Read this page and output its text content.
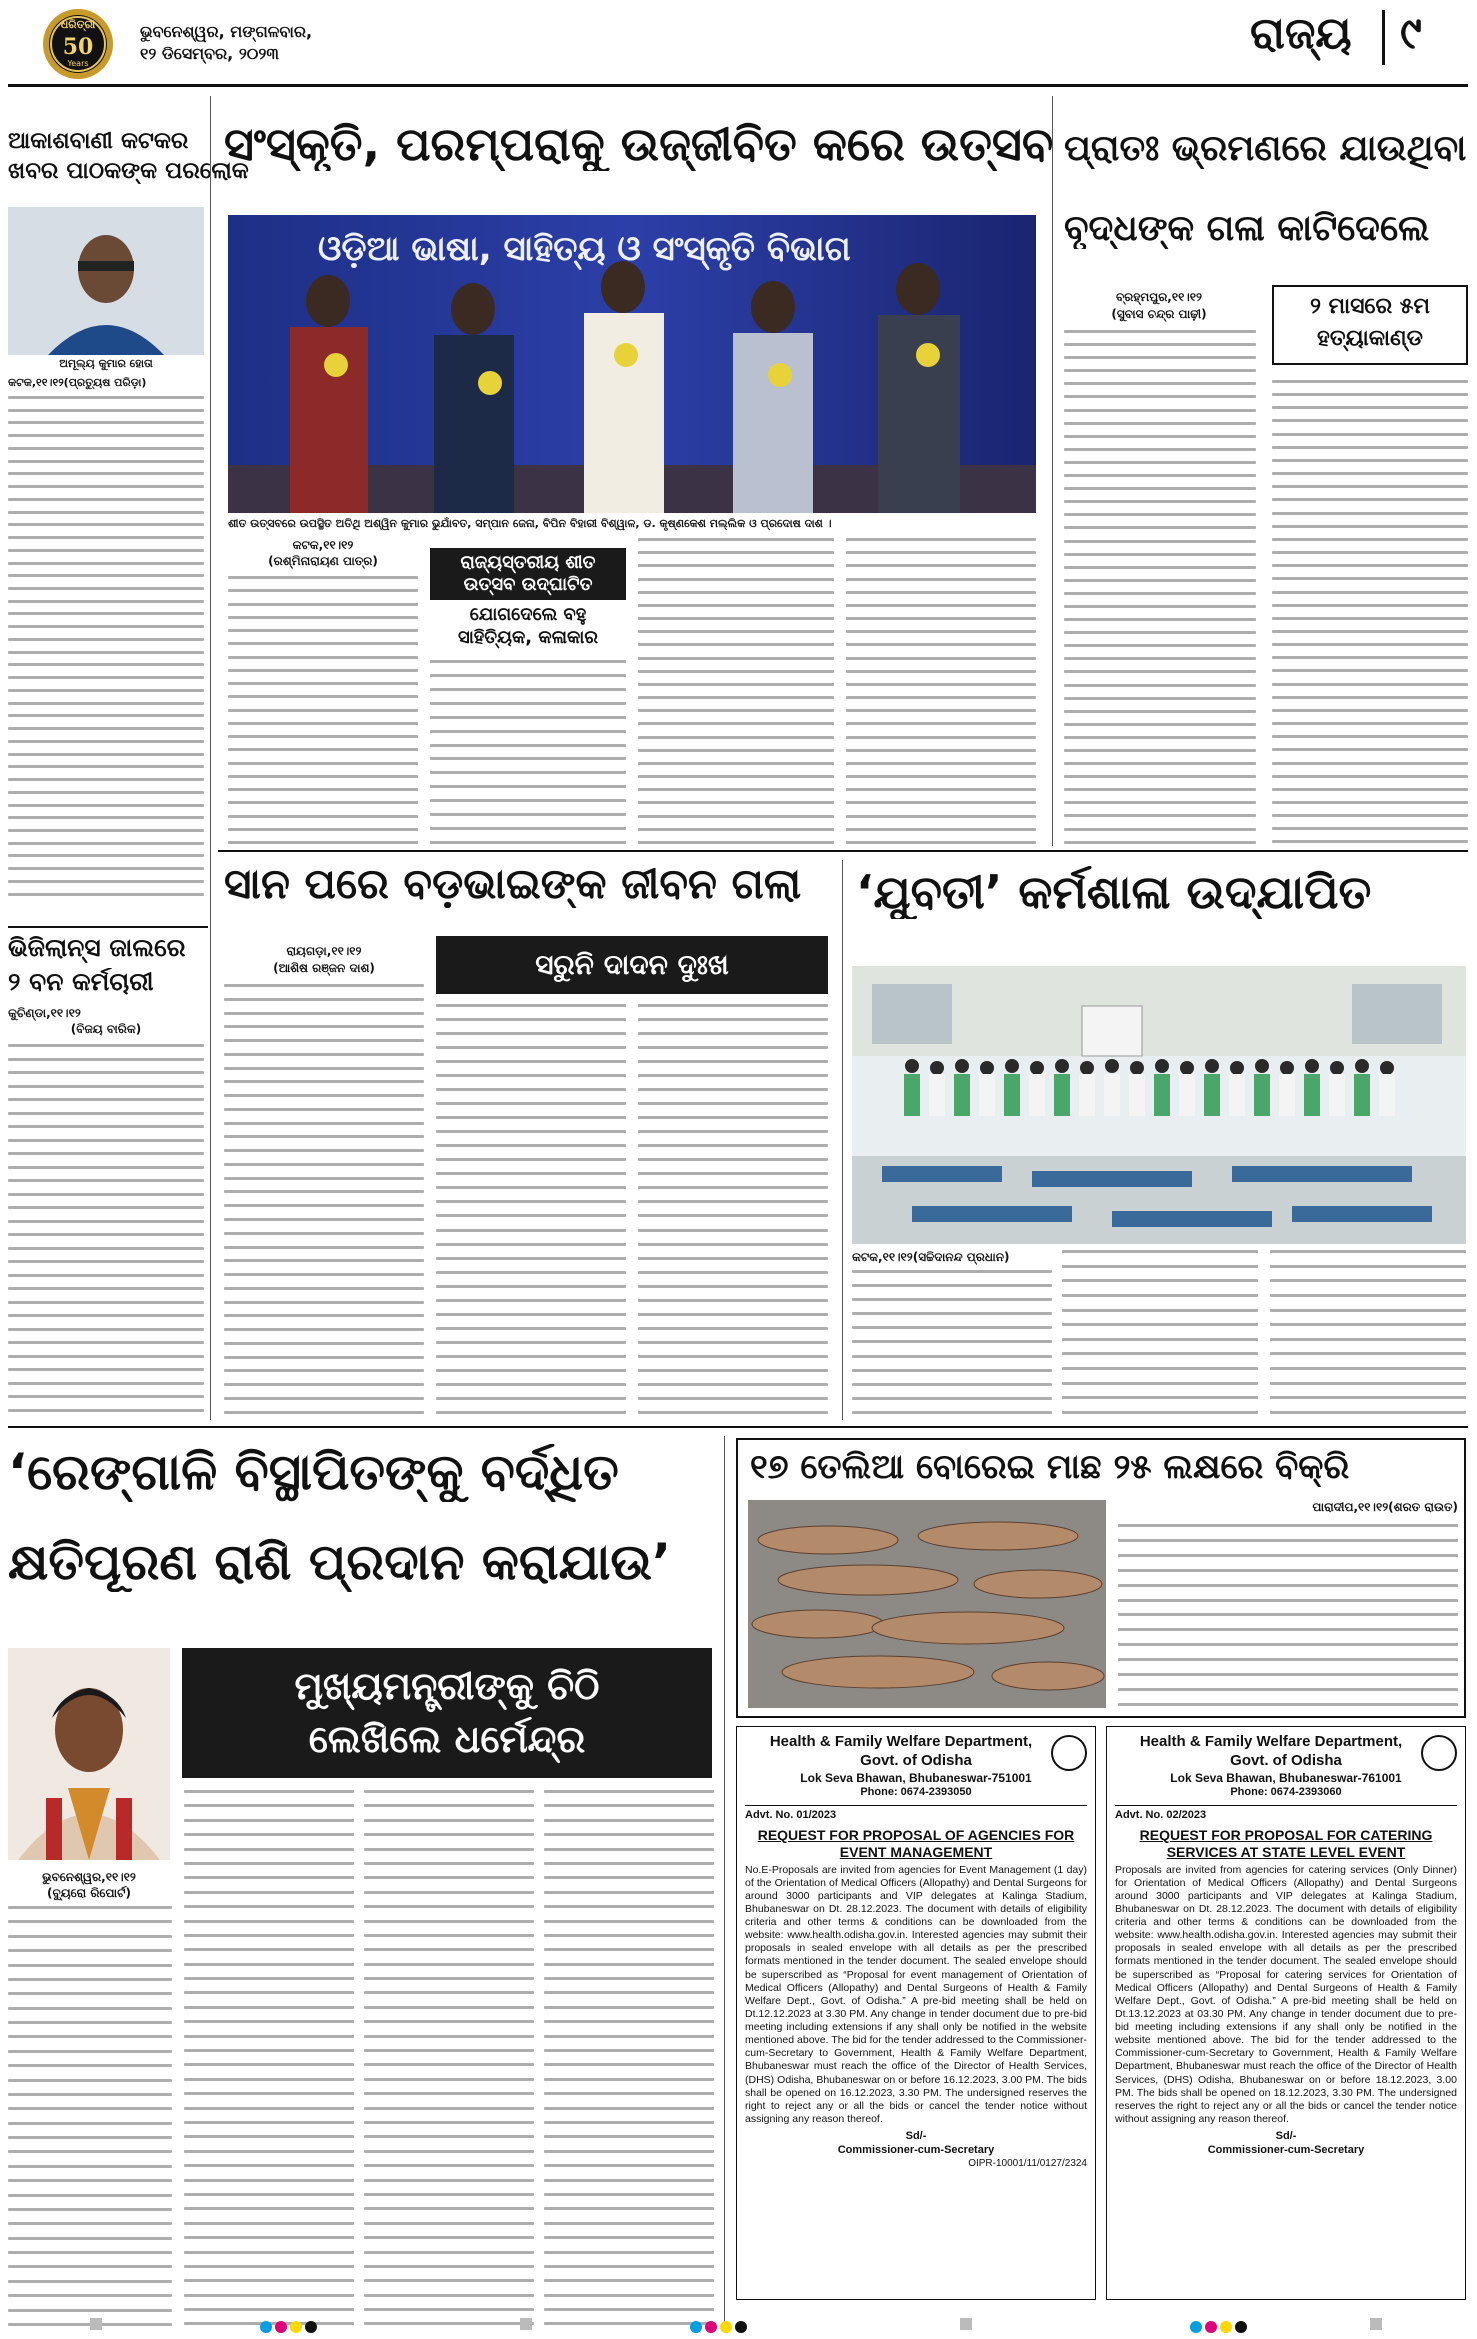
ଧରିତ୍ରୀ
50
Years
ଭୁବନେଶ୍ୱର, ମଙ୍ଗଳବାର,
୧୨ ଡିସେମ୍ବର, ୨୦୨୩	ରାଜ୍ୟ ୯
ଆକାଶବାଣୀ କଟକର
ଖବର ପାଠକଙ୍କ ପରଲୋକ
ଅମୂଲ୍ୟ କୁମାର ହୋତା
କଟକ,୧୧।୧୨(ପ୍ରତ୍ୟୁଷ ପରିଡ଼ା)
ସଂସ୍କୃତି, ପରମ୍ପରାକୁ ଉଜ୍ଜୀବିତ କରେ ଉତ୍ସବ
ଓଡ଼ିଆ ଭାଷା, ସାହିତ୍ୟ ଓ ସଂସ୍କୃତି ବିଭାଗ
ଶୀତ ଉତ୍ସବରେ ଉପସ୍ଥିତ ଅତିଥି ଅଶ୍ୱିନ କୁମାର ଭୁଯାଁବତ, ସମ୍ପାନ ଜେନା, ବିପିନ ବିହାରୀ ବିଶ୍ୱାଳ, ଡ. କୃଷ୍ଣକେଶ ମଲ୍ଲିକ ଓ ପ୍ରଦୋଷ ଦାଶ ।
କଟକ,୧୧।୧୨
(ରଶ୍ମିନାରାୟଣ ପାତ୍ର)	ରାଜ୍ୟସ୍ତରୀୟ ଶୀତ
ଉତ୍ସବ ଉଦ୍‌ଘାଟିତ
ଯୋଗଦେଲେ ବହୁ
ସାହିତ୍ୟିକ, କଳାକାର
ପ୍ରାତଃ ଭ୍ରମଣରେ ଯାଉଥିବା
ବୃଦ୍ଧଙ୍କ ଗଳା କାଟିଦେଲେ
ବ୍ରହ୍ମପୁର,୧୧।୧୨
(ସୁବାସ ଚନ୍ଦ୍ର ପାଢ଼ୀ)	୨ ମାସରେ ୫ମ
ହତ୍ୟାକାଣ୍ଡ
ଭିଜିଲାନ୍ସ ଜାଲରେ
୨ ବନ କର୍ମଚାରୀ
କୁଚିଣ୍ଡା,୧୧।୧୨
(ବିଜୟ ବାରିକ)
ସାନ ପରେ ବଡ଼ଭାଇଙ୍କ ଜୀବନ ଗଲା
ରାୟଗଡ଼ା,୧୧।୧୨
(ଆଶିଷ ରଞ୍ଜନ ଦାଶ)	ସରୁନି ଦାଦନ ଦୁଃଖ
‘ଯୁବତୀ’ କର୍ମଶାଳା ଉଦ୍‌ଯାପିତ
କଟକ,୧୧।୧୨(ସଚ୍ଚିଦାନନ୍ଦ ପ୍ରଧାନ)
‘ରେଙ୍ଗାଳି ବିସ୍ଥାପିତଙ୍କୁ ବର୍ଦ୍ଧିତ
କ୍ଷତିପୂରଣ ରାଶି ପ୍ରଦାନ କରାଯାଉ’
ଭୁବନେଶ୍ୱର,୧୧।୧୨
(ବ୍ୟୁରୋ ରିପୋର୍ଟ)
ମୁଖ୍ୟମନ୍ତ୍ରୀଙ୍କୁ ଚିଠି
ଲେଖିଲେ ଧର୍ମେନ୍ଦ୍ର
୧୭ ତେଲିଆ ବୋରେଇ ମାଛ ୨୫ ଲକ୍ଷରେ ବିକ୍ରି
ପାରାଦୀପ,୧୧।୧୨(ଶରତ ରାଉତ)
Health & Family Welfare Department,
Govt. of Odisha
Lok Seva Bhawan, Bhubaneswar-751001
Phone: 0674-2393050
Advt. No. 01/2023
REQUEST FOR PROPOSAL OF AGENCIES FOR EVENT MANAGEMENT
No.E-Proposals are invited from agencies for Event Management (1 day) of the Orientation of Medical Officers (Allopathy) and Dental Surgeons for around 3000 participants and VIP delegates at Kalinga Stadium, Bhubaneswar on Dt. 28.12.2023. The document with details of eligibility criteria and other terms & conditions can be downloaded from the website: www.health.odisha.gov.in. Interested agencies may submit their proposals in sealed envelope with all details as per the prescribed formats mentioned in the tender document. The sealed envelope should be superscribed as “Proposal for event management of Orientation of Medical Officers (Allopathy) and Dental Surgeons of Health & Family Welfare Dept., Govt. of Odisha.” A pre-bid meeting shall be held on Dt.12.12.2023 at 3.30 PM. Any change in tender document due to pre-bid meeting including extensions if any shall only be notified in the website mentioned above. The bid for the tender addressed to the Commissioner-cum-Secretary to Government, Health & Family Welfare Department, Bhubaneswar must reach the office of the Director of Health Services, (DHS) Odisha, Bhubaneswar on or before 16.12.2023, 3.00 PM. The bids shall be opened on 16.12.2023, 3.30 PM. The undersigned reserves the right to reject any or all the bids or cancel the tender notice without assigning any reason thereof.
Sd/-
Commissioner-cum-Secretary
OIPR-10001/11/0127/2324
Health & Family Welfare Department,
Govt. of Odisha
Lok Seva Bhawan, Bhubaneswar-761001
Phone: 0674-2393060
Advt. No. 02/2023
REQUEST FOR PROPOSAL FOR CATERING SERVICES AT STATE LEVEL EVENT
Proposals are invited from agencies for catering services (Only Dinner) for Orientation of Medical Officers (Allopathy) and Dental Surgeons around 3000 participants and VIP delegates at Kalinga Stadium, Bhubaneswar on Dt. 28.12.2023. The document with details of eligibility criteria and other terms & conditions can be downloaded from the website: www.health.odisha.gov.in. Interested agencies may submit their proposals in sealed envelope with all details as per the prescribed formats mentioned in the tender document. The sealed envelope should be superscribed as “Proposal for catering services for Orientation of Medical Officers (Allopathy) and Dental Surgeons of Health & Family Welfare Dept., Govt. of Odisha.” A pre-bid meeting shall be held on Dt.13.12.2023 at 03.30 PM. Any change in tender document due to pre-bid meeting including extensions if any shall only be notified in the website mentioned above. The bid for the tender addressed to the Commissioner-cum-Secretary to Government, Health & Family Welfare Department, Bhubaneswar must reach the office of the Director of Health Services, (DHS) Odisha, Bhubaneswar on or before 18.12.2023, 3.00 PM. The bids shall be opened on 18.12.2023, 3.30 PM. The undersigned reserves the right to reject any or all the bids or cancel the tender notice without assigning any reason thereof.
Sd/-
Commissioner-cum-Secretary
